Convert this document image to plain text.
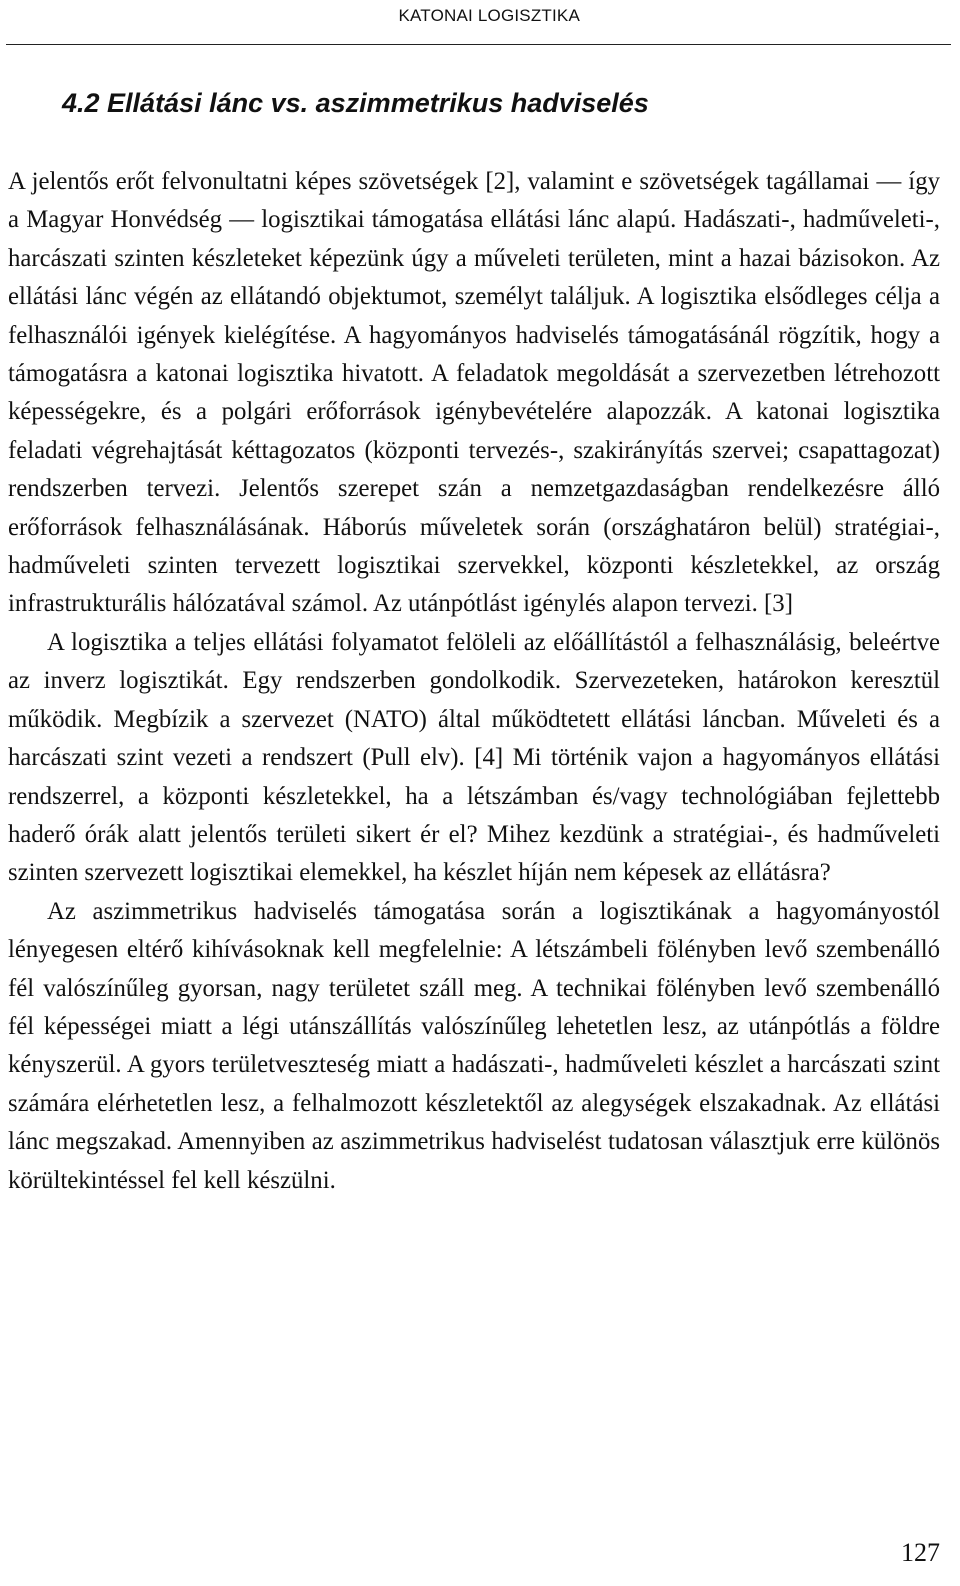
KATONAI LOGISZTIKA
4.2 Ellátási lánc vs. aszimmetrikus hadviselés

A jelentős erőt felvonultatni képes szövetségek [2], valamint e szövetségek tagállamai — így a Magyar Honvédség — logisztikai támogatása ellátási lánc alapú. Hadászati-, hadműveleti-, harcászati szinten készleteket képezünk úgy a műveleti területen, mint a hazai bázisokon. Az ellátási lánc végén az ellátandó objektumot, személyt találjuk. A logisztika elsődleges célja a felhasználói igények kielégítése. A hagyományos hadviselés támogatásánál rögzítik, hogy a támogatásra a katonai logisztika hivatott. A feladatok megoldását a szervezetben létrehozott képességekre, és a polgári erőforrások igénybevételére alapozzák. A katonai logisztika feladati végrehajtását kéttagozatos (központi tervezés-, szakirányítás szervei; csapattagozat) rendszerben tervezi. Jelentős szerepet szán a nemzetgazdaságban rendelkezésre álló erőforrások felhasználásának. Háborús műveletek során (országhatáron belül) stratégiai-, hadműveleti szinten tervezett logisztikai szervekkel, központi készletekkel, az ország infrastrukturális hálózatával számol. Az utánpótlást igénylés alapon tervezi. [3]

A logisztika a teljes ellátási folyamatot felöleli az előállítástól a felhasználásig, beleértve az inverz logisztikát. Egy rendszerben gondolkodik. Szervezeteken, határokon keresztül működik. Megbízik a szervezet (NATO) által működtetett ellátási láncban. Műveleti és a harcászati szint vezeti a rendszert (Pull elv). [4] Mi történik vajon a hagyományos ellátási rendszerrel, a központi készletekkel, ha a létszámban és/vagy technológiában fejlettebb haderő órák alatt jelentős területi sikert ér el? Mihez kezdünk a stratégiai-, és hadműveleti szinten szervezett logisztikai elemekkel, ha készlet híján nem képesek az ellátásra?

Az aszimmetrikus hadviselés támogatása során a logisztikának a hagyományostól lényegesen eltérő kihívásoknak kell megfelelnie: A létszámbeli fölényben levő szembenálló fél valószínűleg gyorsan, nagy területet száll meg. A technikai fölényben levő szembenálló fél képességei miatt a légi utánszállítás valószínűleg lehetetlen lesz, az utánpótlás a földre kényszerül. A gyors területveszteség miatt a hadászati-, hadműveleti készlet a harcászati szint számára elérhetetlen lesz, a felhalmozott készletektől az alegységek elszakadnak. Az ellátási lánc megszakad. Amennyiben az aszimmetrikus hadviselést tudatosan választjuk erre különös körültekintéssel fel kell készülni.

127
